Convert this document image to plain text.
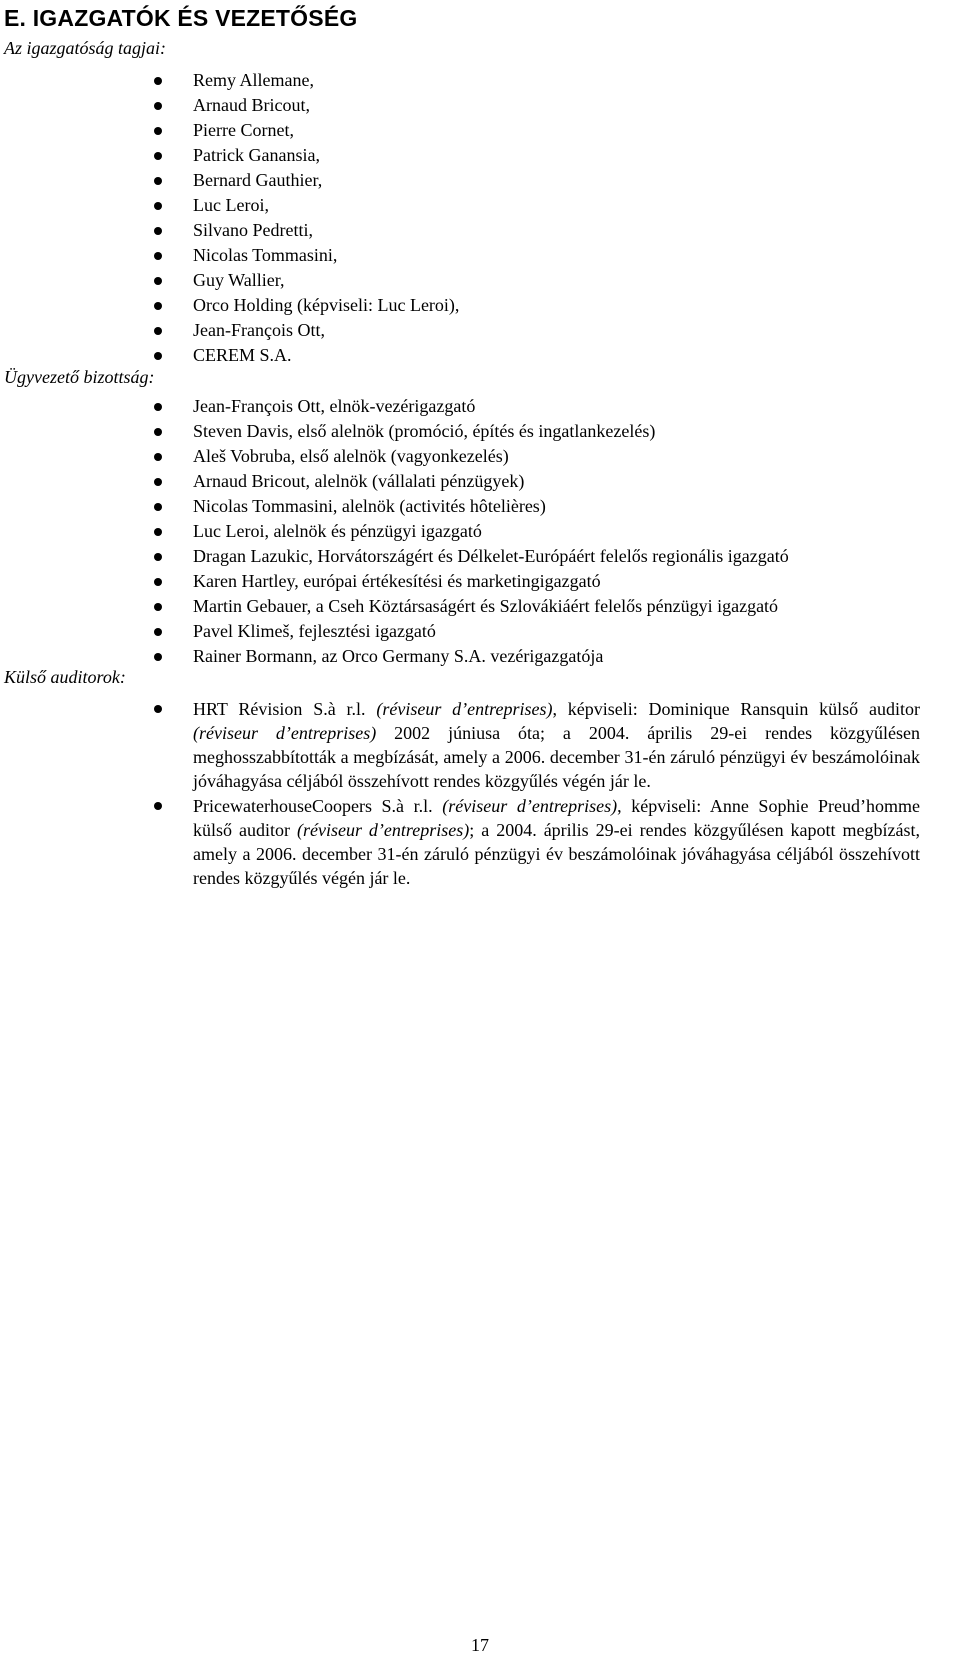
E. IGAZGATÓK ÉS VEZETŐSÉG

Az igazgatóság tagjai:

Remy Allemane,
Arnaud Bricout,
Pierre Cornet,
Patrick Ganansia,
Bernard Gauthier,
Luc Leroi,
Silvano Pedretti,
Nicolas Tommasini,
Guy Wallier,
Orco Holding (képviseli: Luc Leroi),
Jean-François Ott,
CEREM S.A.

Ügyvezető bizottság:

Jean-François Ott, elnök-vezérigazgató
Steven Davis, első alelnök (promóció, építés és ingatlankezelés)
Aleš Vobruba, első alelnök (vagyonkezelés)
Arnaud Bricout, alelnök (vállalati pénzügyek)
Nicolas Tommasini, alelnök (activités hôtelières)
Luc Leroi, alelnök és pénzügyi igazgató
Dragan Lazukic, Horvátországért és Délkelet-Európáért felelős regionális igazgató
Karen Hartley, európai értékesítési és marketingigazgató
Martin Gebauer, a Cseh Köztársaságért és Szlovákiáért felelős pénzügyi igazgató
Pavel Klimeš, fejlesztési igazgató
Rainer Bormann, az Orco Germany S.A. vezérigazgatója

Külső auditorok:

HRT Révision S.à r.l. (réviseur d’entreprises), képviseli: Dominique Ransquin külső auditor (réviseur d’entreprises) 2002 júniusa óta; a 2004. április 29-ei rendes közgyűlésen meghosszabbították a megbízását, amely a 2006. december 31-én záruló pénzügyi év beszámolóinak jóváhagyása céljából összehívott rendes közgyűlés végén jár le.
PricewaterhouseCoopers S.à r.l. (réviseur d’entreprises), képviseli: Anne Sophie Preud’homme külső auditor (réviseur d’entreprises); a 2004. április 29-ei rendes közgyűlésen kapott megbízást, amely a 2006. december 31-én záruló pénzügyi év beszámolóinak jóváhagyása céljából összehívott rendes közgyűlés végén jár le.
17
